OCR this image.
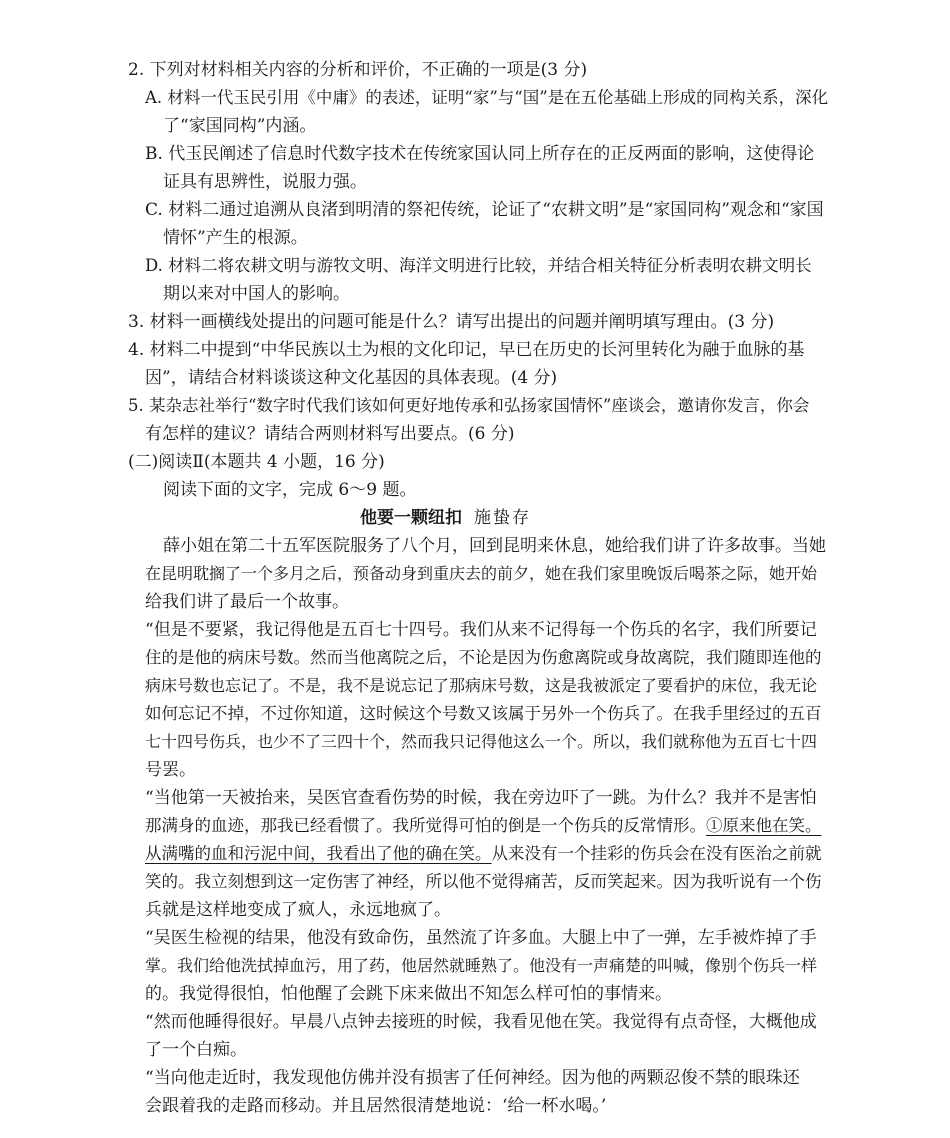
2. 下列对材料相关内容的分析和评价，不正确的一项是(3 分)
A. 材料一代玉民引用《中庸》的表述，证明“家”与“国”是在五伦基础上形成的同构关系，深化
了“家国同构”内涵。
B. 代玉民阐述了信息时代数字技术在传统家国认同上所存在的正反两面的影响，这使得论
证具有思辨性，说服力强。
C. 材料二通过追溯从良渚到明清的祭祀传统，论证了“农耕文明”是“家国同构”观念和“家国
情怀”产生的根源。
D. 材料二将农耕文明与游牧文明、海洋文明进行比较，并结合相关特征分析表明农耕文明长
期以来对中国人的影响。
3. 材料一画横线处提出的问题可能是什么？请写出提出的问题并阐明填写理由。(3 分)
4. 材料二中提到“中华民族以土为根的文化印记，早已在历史的长河里转化为融于血脉的基
因”，请结合材料谈谈这种文化基因的具体表现。(4 分)
5. 某杂志社举行“数字时代我们该如何更好地传承和弘扬家国情怀”座谈会，邀请你发言，你会
有怎样的建议？请结合两则材料写出要点。(6 分)
(二)阅读Ⅱ(本题共 4 小题，16 分)
阅读下面的文字，完成 6～9 题。
他要一颗纽扣 施蛰存
薛小姐在第二十五军医院服务了八个月，回到昆明来休息，她给我们讲了许多故事。当她
在昆明耽搁了一个多月之后，预备动身到重庆去的前夕，她在我们家里晚饭后喝茶之际，她开始
给我们讲了最后一个故事。
“但是不要紧，我记得他是五百七十四号。我们从来不记得每一个伤兵的名字，我们所要记
住的是他的病床号数。然而当他离院之后，不论是因为伤愈离院或身故离院，我们随即连他的
病床号数也忘记了。不是，我不是说忘记了那病床号数，这是我被派定了要看护的床位，我无论
如何忘记不掉，不过你知道，这时候这个号数又该属于另外一个伤兵了。在我手里经过的五百
七十四号伤兵，也少不了三四十个，然而我只记得他这么一个。所以，我们就称他为五百七十四
号罢。
“当他第一天被抬来，吴医官查看伤势的时候，我在旁边吓了一跳。为什么？我并不是害怕
那满身的血迹，那我已经看惯了。我所觉得可怕的倒是一个伤兵的反常情形。①原来他在笑。
从满嘴的血和污泥中间，我看出了他的确在笑。从来没有一个挂彩的伤兵会在没有医治之前就
笑的。我立刻想到这一定伤害了神经，所以他不觉得痛苦，反而笑起来。因为我听说有一个伤
兵就是这样地变成了疯人，永远地疯了。
“吴医生检视的结果，他没有致命伤，虽然流了许多血。大腿上中了一弹，左手被炸掉了手
掌。我们给他洗拭掉血污，用了药，他居然就睡熟了。他没有一声痛楚的叫喊，像别个伤兵一样
的。我觉得很怕，怕他醒了会跳下床来做出不知怎么样可怕的事情来。
“然而他睡得很好。早晨八点钟去接班的时候，我看见他在笑。我觉得有点奇怪，大概他成
了一个白痴。
“当向他走近时，我发现他仿佛并没有损害了任何神经。因为他的两颗忍俊不禁的眼珠还
会跟着我的走路而移动。并且居然很清楚地说：‘给一杯水喝。’
